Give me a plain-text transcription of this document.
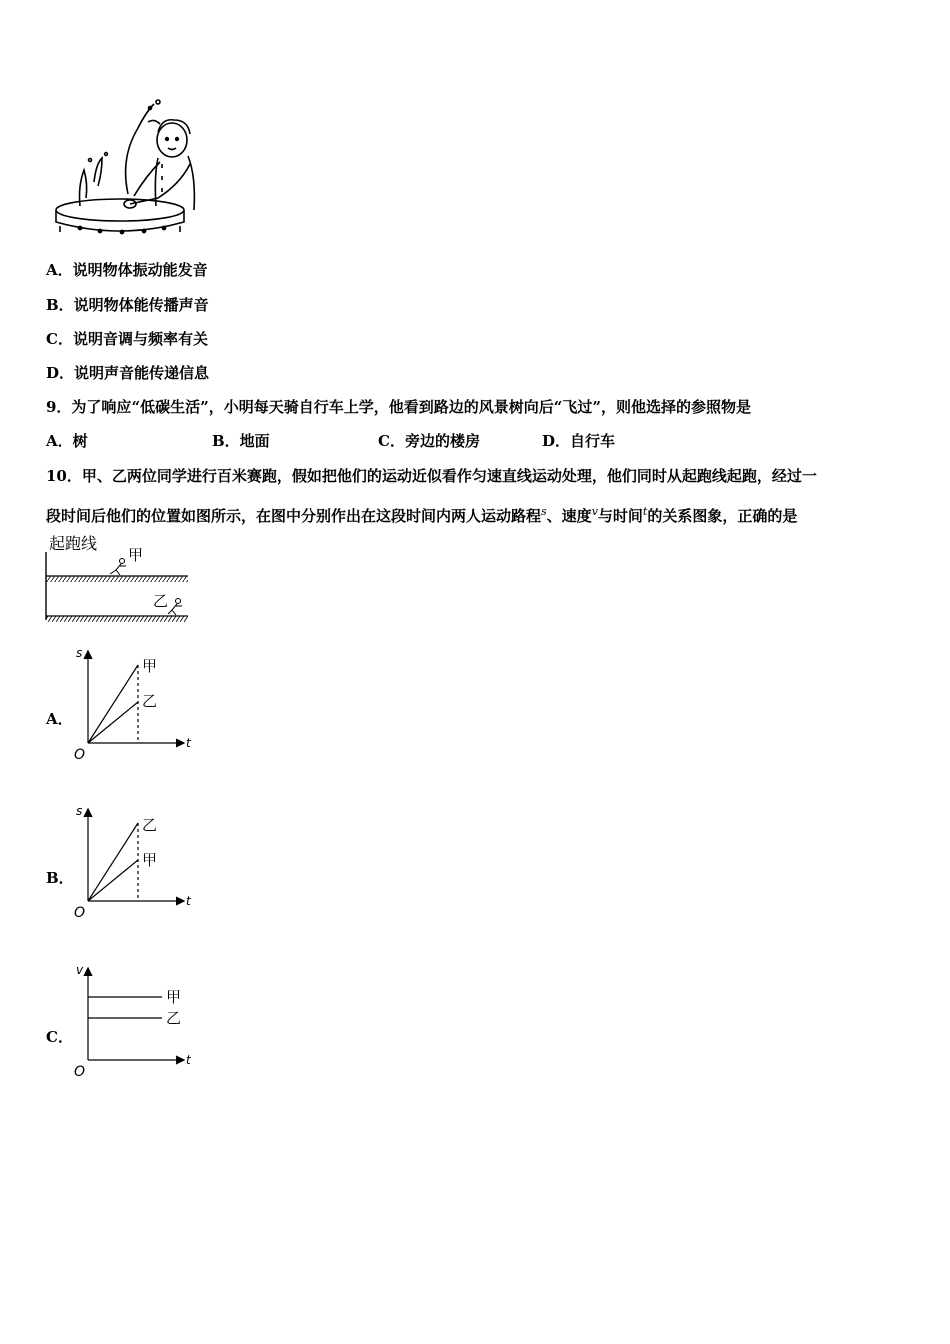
A．说明物体振动能发音
B．说明物体能传播声音
C．说明音调与频率有关
D．说明声音能传递信息
9．为了响应“低碳生活”，小明每天骑自行车上学，他看到路边的风景树向后“飞过”，则他选择的参照物是
A．树	B．地面	C．旁边的楼房	D．自行车
10．甲、乙两位同学进行百米赛跑，假如把他们的运动近似看作匀速直线运动处理，他们同时从起跑线起跑，经过一
段时间后他们的位置如图所示，在图中分别作出在这段时间内两人运动路程$^s$、速度$^v$与时间$^t$的关系图象，正确的是
起跑线
甲
乙
A．
s
t
O
甲
乙
B．
s
t
O
乙
甲
C．
v
t
O
甲
乙
